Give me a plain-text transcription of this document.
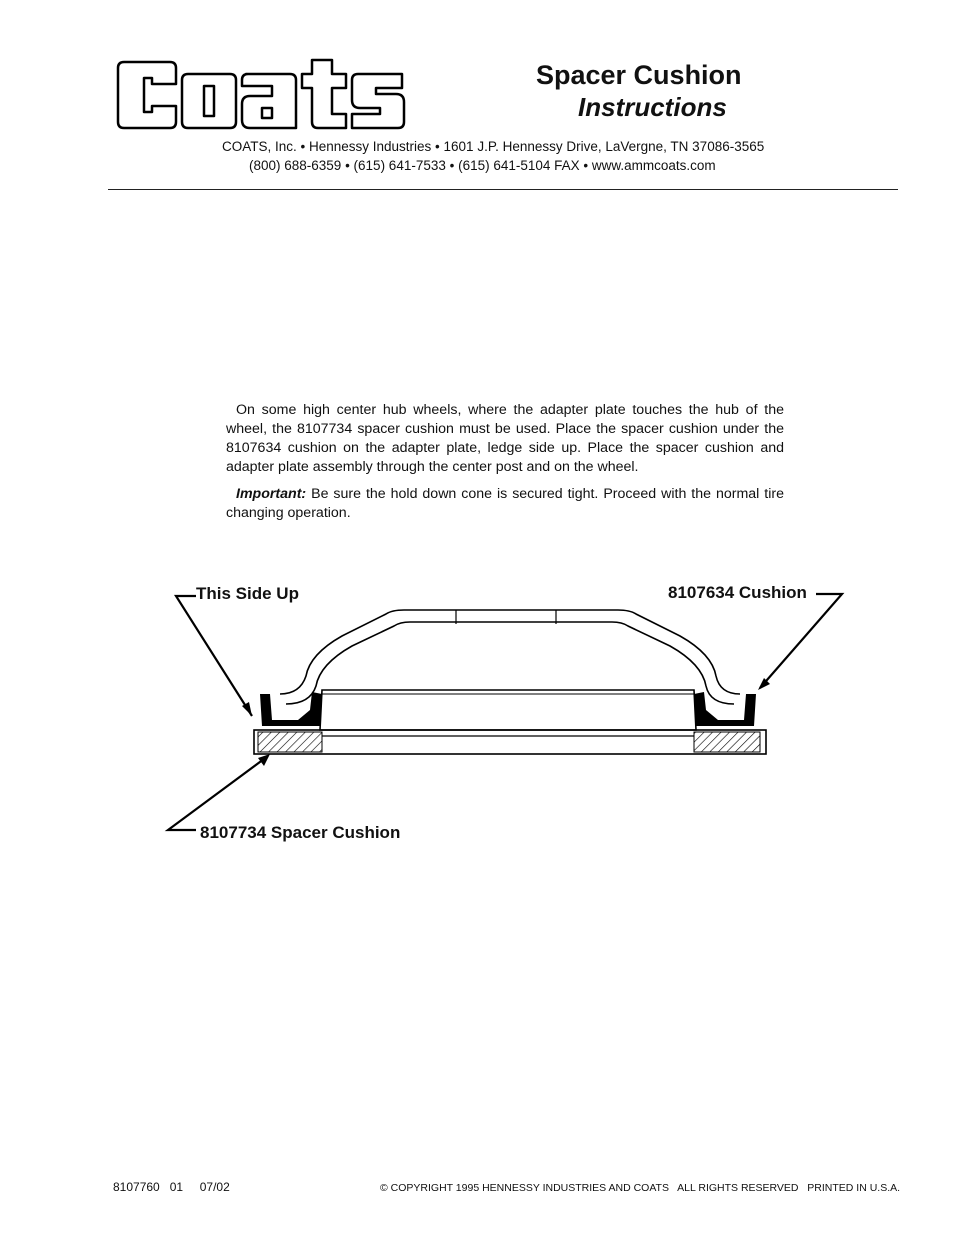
Spacer Cushion
Instructions
COATS, Inc. • Hennessy Industries • 1601 J.P. Hennessy Drive, LaVergne, TN 37086-3565
(800) 688-6359 • (615) 641-7533 • (615) 641-5104 FAX • www.ammcoats.com

On some high center hub wheels, where the adapter plate touches the hub of the wheel, the 8107734 spacer cushion must be used. Place the spacer cushion under the 8107634 cushion on the adapter plate, ledge side up. Place the spacer cushion and adapter plate assembly through the center post and on the wheel.

Important: Be sure the hold down cone is secured tight. Proceed with the normal tire changing operation.

This Side Up	8107634 Cushion
8107734 Spacer Cushion
8107760   01     07/02	© COPYRIGHT 1995 HENNESSY INDUSTRIES AND COATS   ALL RIGHTS RESERVED   PRINTED IN U.S.A.
